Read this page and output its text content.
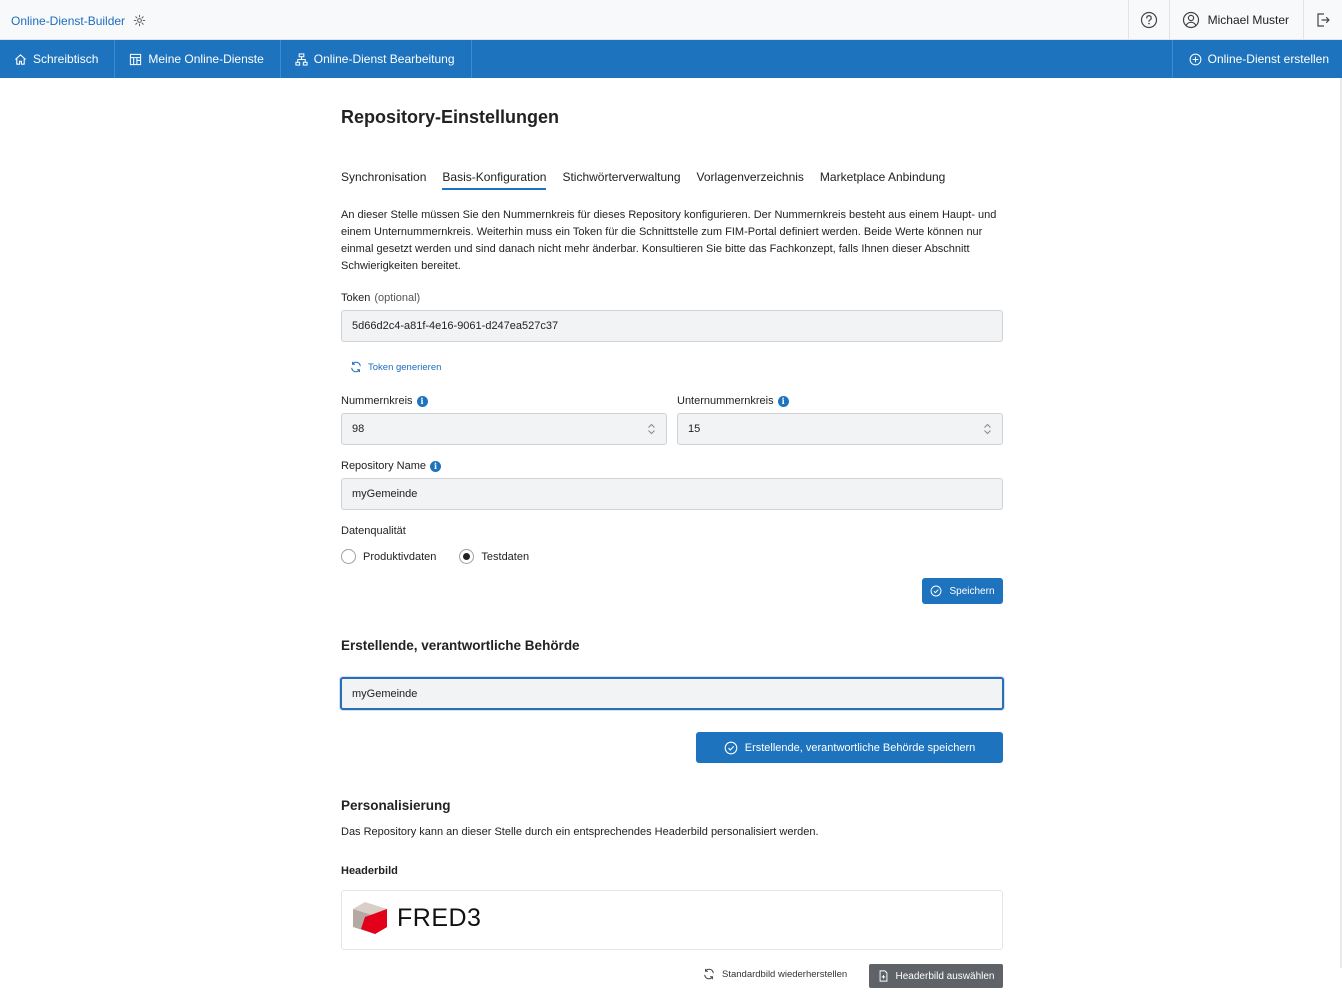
Online-Dienst-Builder	Michael Muster
Schreibtisch	Meine Online-Dienste	Online-Dienst Bearbeitung	Online-Dienst erstellen
Repository-Einstellungen
Synchronisation Basis-Konfiguration Stichwörterverwaltung Vorlagenverzeichnis Marketplace Anbindung

An dieser Stelle müssen Sie den Nummernkreis für dieses Repository konfigurieren. Der Nummernkreis besteht aus einem Haupt- und einem Unternummernkreis. Weiterhin muss ein Token für die Schnittstelle zum FIM-Portal definiert werden. Beide Werte können nur einmal gesetzt werden und sind danach nicht mehr änderbar. Konsultieren Sie bitte das Fachkonzept, falls Ihnen dieser Abschnitt Schwierigkeiten bereitet.

Token (optional)
5d66d2c4-a81f-4e16-9061-d247ea527c37
Token generieren
Nummernkreis i
98
Unternummernkreis i
15
Repository Name i
myGemeinde
Datenqualität
Produktivdaten	Testdaten
Speichern
Erstellende, verantwortliche Behörde
myGemeinde
Erstellende, verantwortliche Behörde speichern
Personalisierung
Das Repository kann an dieser Stelle durch ein entsprechendes Headerbild personalisiert werden.
Headerbild
FRED3
Standardbild wiederherstellen	Headerbild auswählen
